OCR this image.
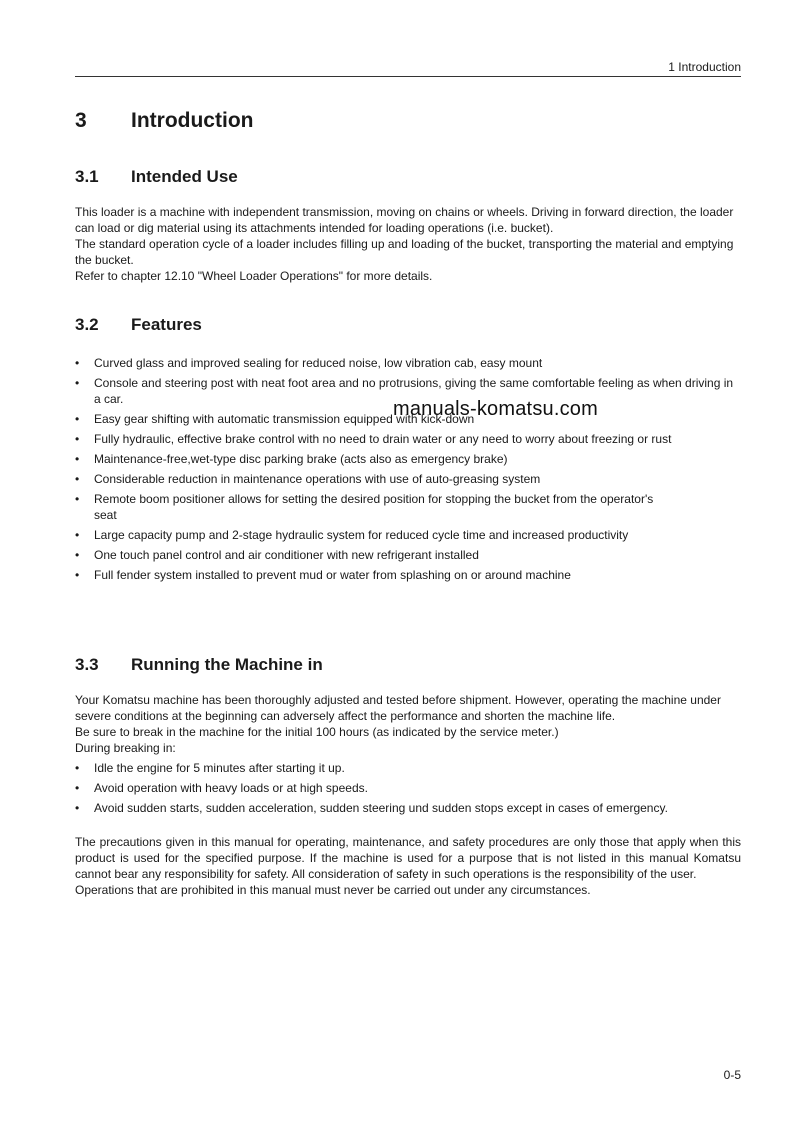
1 Introduction
3 Introduction
3.1 Intended Use

This loader is a machine with independent transmission, moving on chains or wheels. Driving in forward direction, the loader can load or dig material using its attachments intended for loading operations (i.e. bucket).

The standard operation cycle of a loader includes filling up and loading of the bucket, transporting the material and emptying the bucket.

Refer to chapter 12.10 "Wheel Loader Operations" for more details.

3.2 Features
• Curved glass and improved sealing for reduced noise, low vibration cab, easy mount
• Console and steering post with neat foot area and no protrusions, giving the same comfortable feeling as when driving in a car.
• Easy gear shifting with automatic transmission equipped with kick-down
• Fully hydraulic, effective brake control with no need to drain water or any need to worry about freezing or rust
• Maintenance-free,wet-type disc parking brake (acts also as emergency brake)
• Considerable reduction in maintenance operations with use of auto-greasing system
• Remote boom positioner allows for setting the desired position for stopping the bucket from the operator's seat
• Large capacity pump and 2-stage hydraulic system for reduced cycle time and increased productivity
• One touch panel control and air conditioner with new refrigerant installed
• Full fender system installed to prevent mud or water from splashing on or around machine
manuals-komatsu.com
3.3 Running the Machine in

Your Komatsu machine has been thoroughly adjusted and tested before shipment. However, operating the machine under severe conditions at the beginning can adversely affect the performance and shorten the machine life.

Be sure to break in the machine for the initial 100 hours (as indicated by the service meter.)

During breaking in:

• Idle the engine for 5 minutes after starting it up.
• Avoid operation with heavy loads or at high speeds.
• Avoid sudden starts, sudden acceleration, sudden steering und sudden stops except in cases of emergency.

The precautions given in this manual for operating, maintenance, and safety procedures are only those that apply when this product is used for the specified purpose. If the machine is used for a purpose that is not listed in this manual Komatsu cannot bear any responsibility for safety. All consideration of safety in such operations is the responsibility of the user.

Operations that are prohibited in this manual must never be carried out under any circumstances.

0-5
